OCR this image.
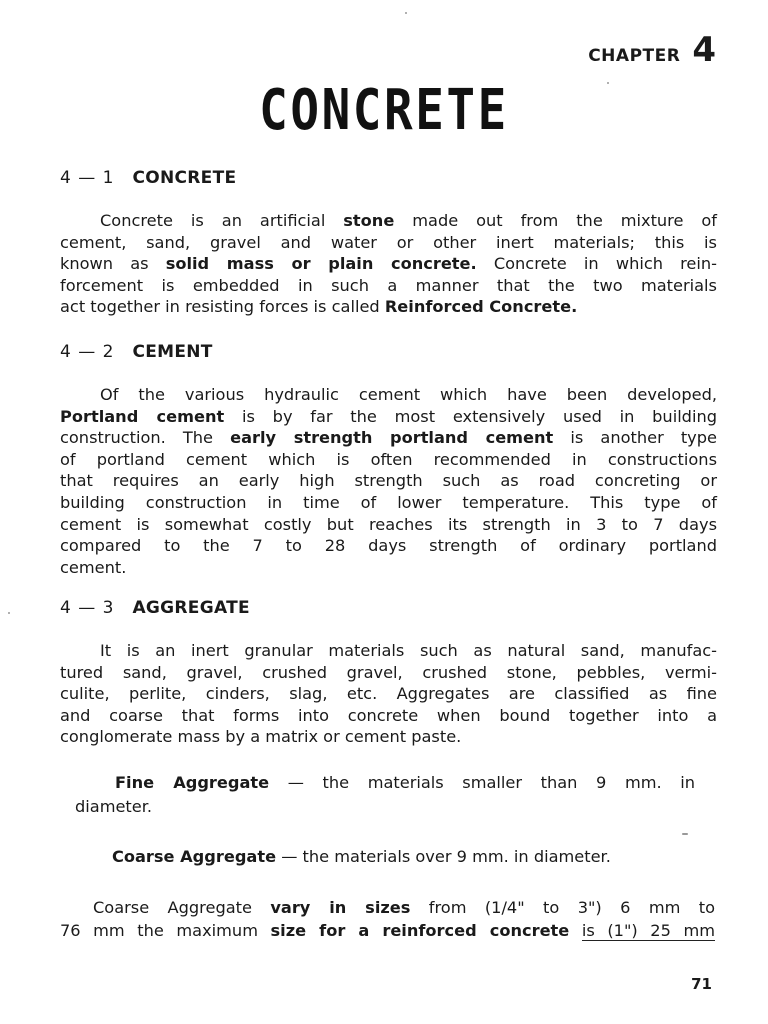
CHAPTER 4
CONCRETE
4 — 1 CONCRETE
Concrete is an artificial stone made out from the mixture of
cement, sand, gravel and water or other inert materials; this is
known as solid mass or plain concrete. Concrete in which rein-
forcement is embedded in such a manner that the two materials
act together in resisting forces is called Reinforced Concrete.
4 — 2 CEMENT
Of the various hydraulic cement which have been developed,
Portland cement is by far the most extensively used in building
construction. The early strength portland cement is another type
of portland cement which is often recommended in constructions
that requires an early high strength such as road concreting or
building construction in time of lower temperature. This type of
cement is somewhat costly but reaches its strength in 3 to 7 days
compared to the 7 to 28 days strength of ordinary portland
cement.
4 — 3 AGGREGATE
It is an inert granular materials such as natural sand, manufac-
tured sand, gravel, crushed gravel, crushed stone, pebbles, vermi-
culite, perlite, cinders, slag, etc. Aggregates are classified as fine
and coarse that forms into concrete when bound together into a
conglomerate mass by a matrix or cement paste.
Fine Aggregate — the materials smaller than 9 mm. in
diameter.
Coarse Aggregate — the materials over 9 mm. in diameter.
Coarse Aggregate vary in sizes from (1/4" to 3") 6 mm to
76 mm the maximum size for a reinforced concrete is (1") 25 mm
71
